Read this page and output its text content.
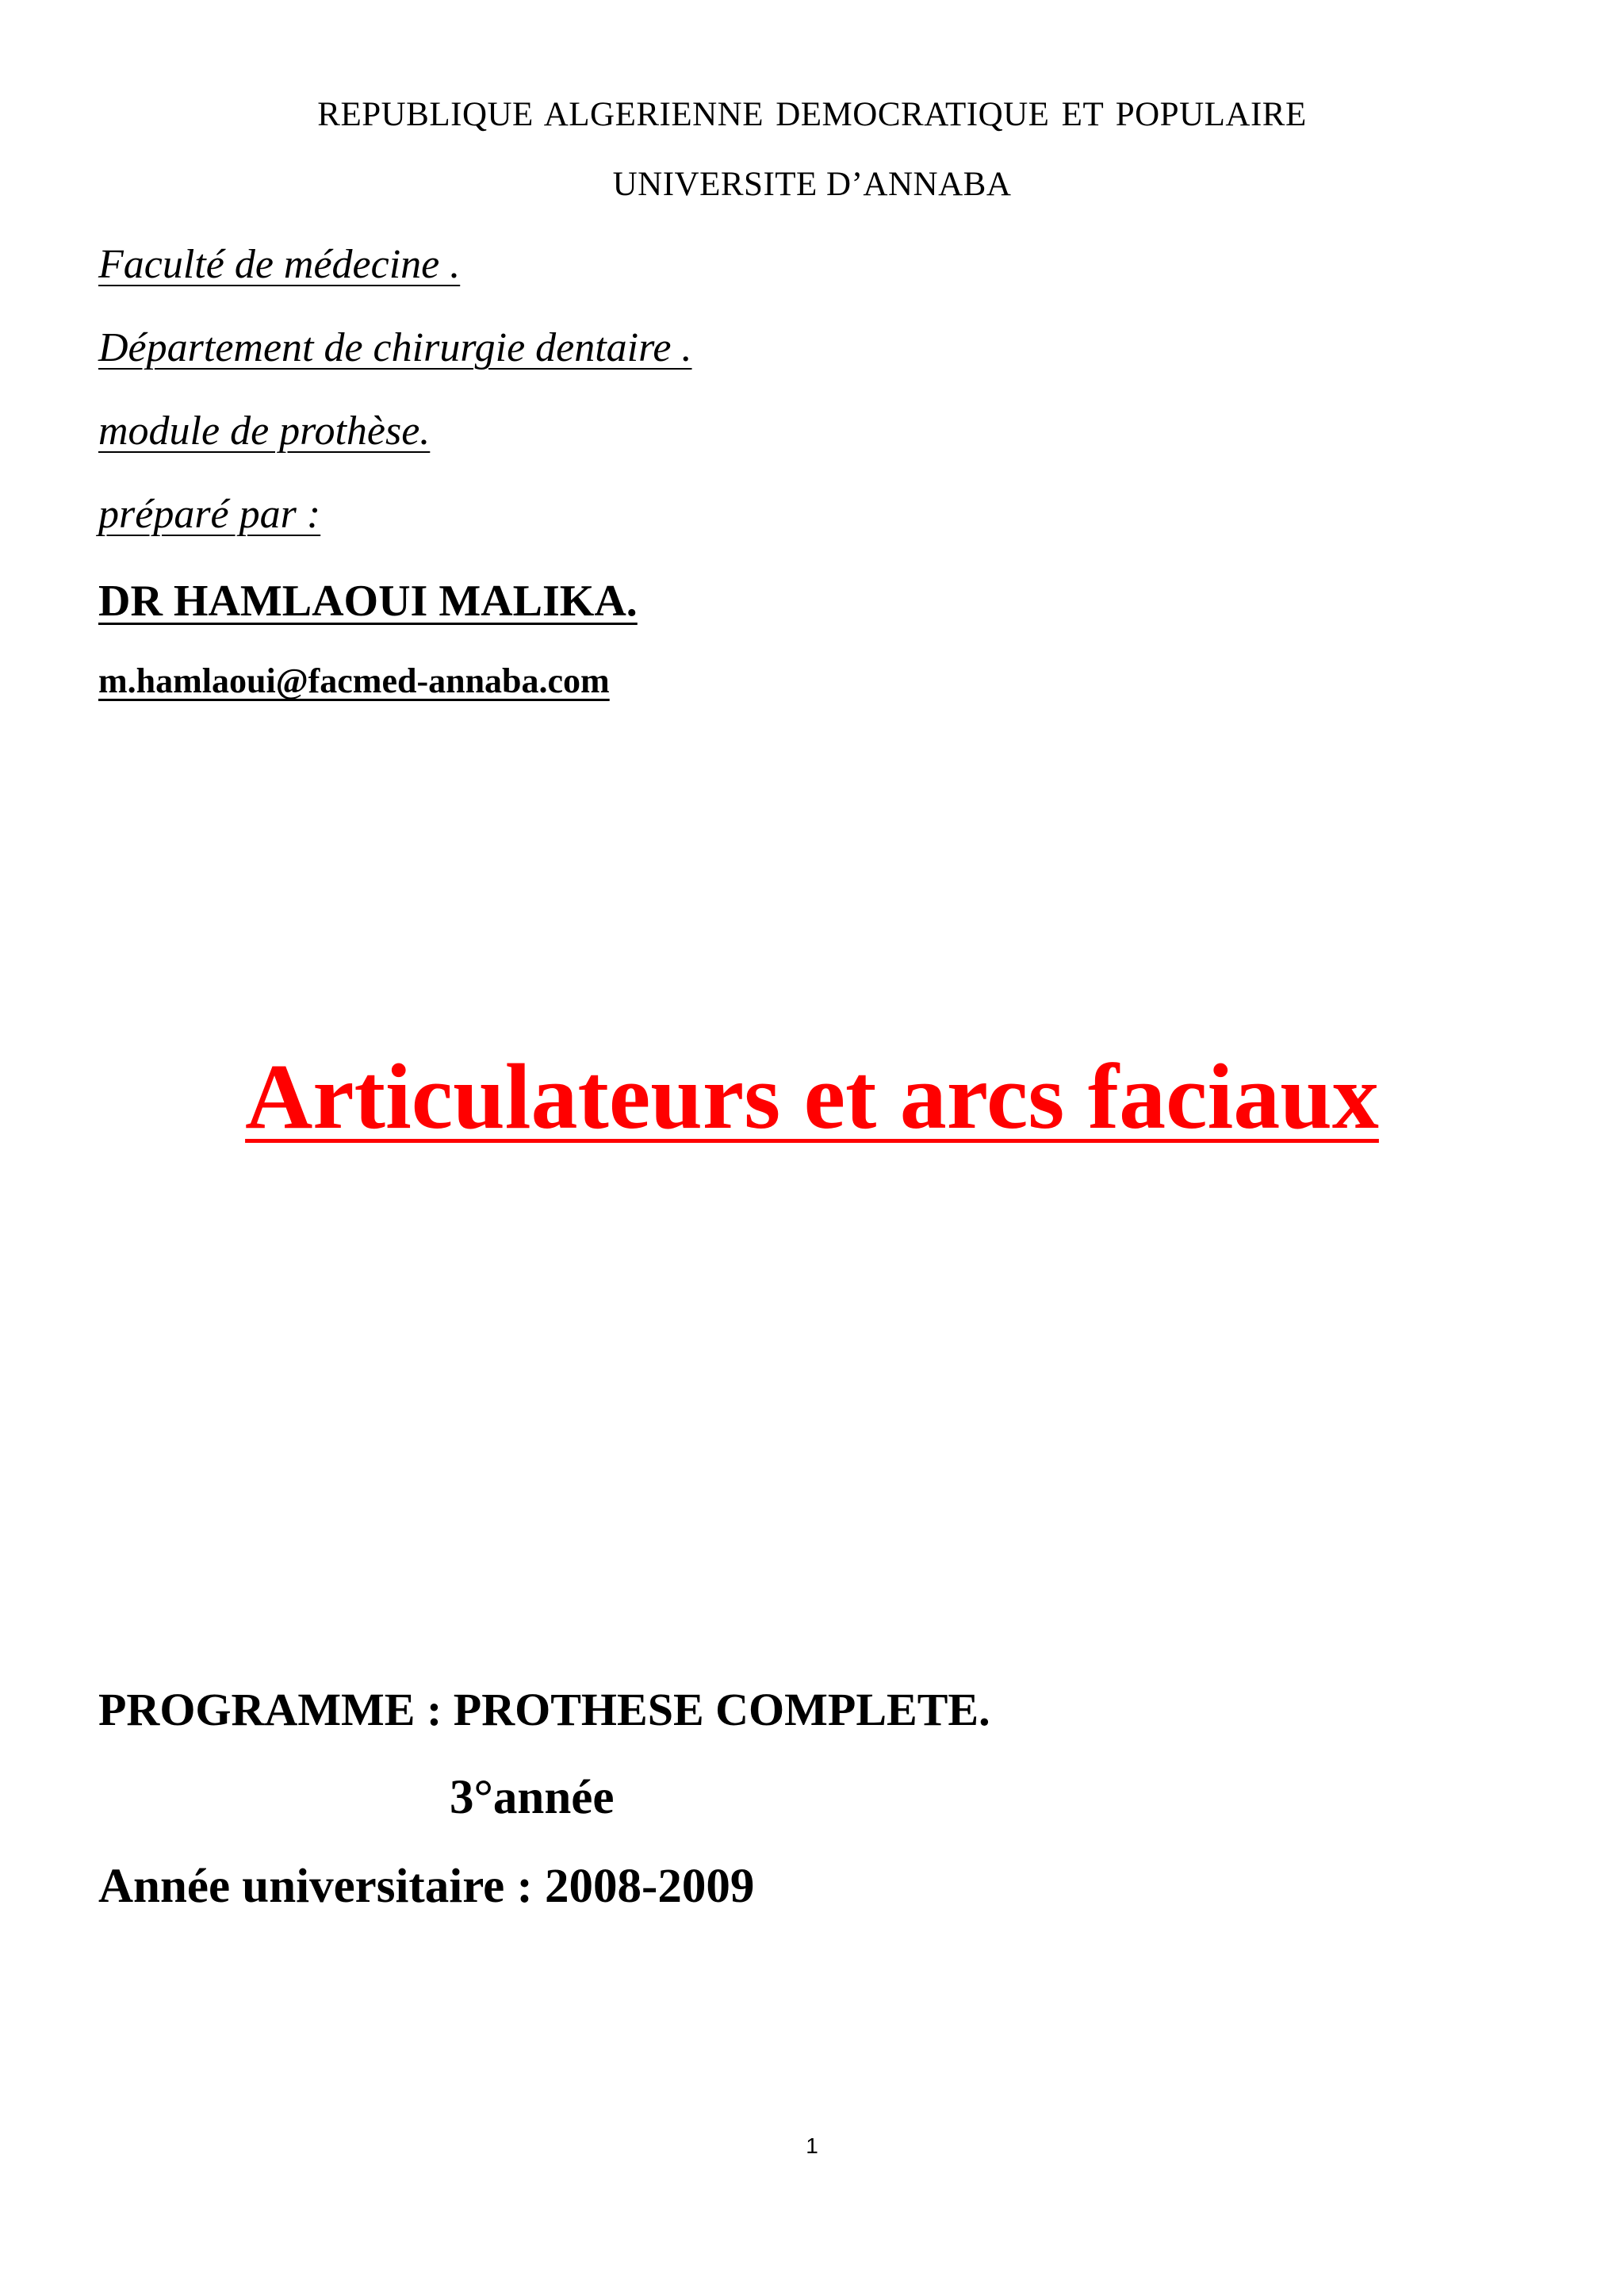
REPUBLIQUE ALGERIENNE DEMOCRATIQUE ET POPULAIRE
UNIVERSITE D’ANNABA
Faculté de médecine .
Département de chirurgie dentaire .
module de prothèse.
préparé par :
DR HAMLAOUI MALIKA.
m.hamlaoui@facmed-annaba.com
Articulateurs et arcs faciaux
PROGRAMME : PROTHESE COMPLETE.
3°année
Année universitaire : 2008-2009
1
